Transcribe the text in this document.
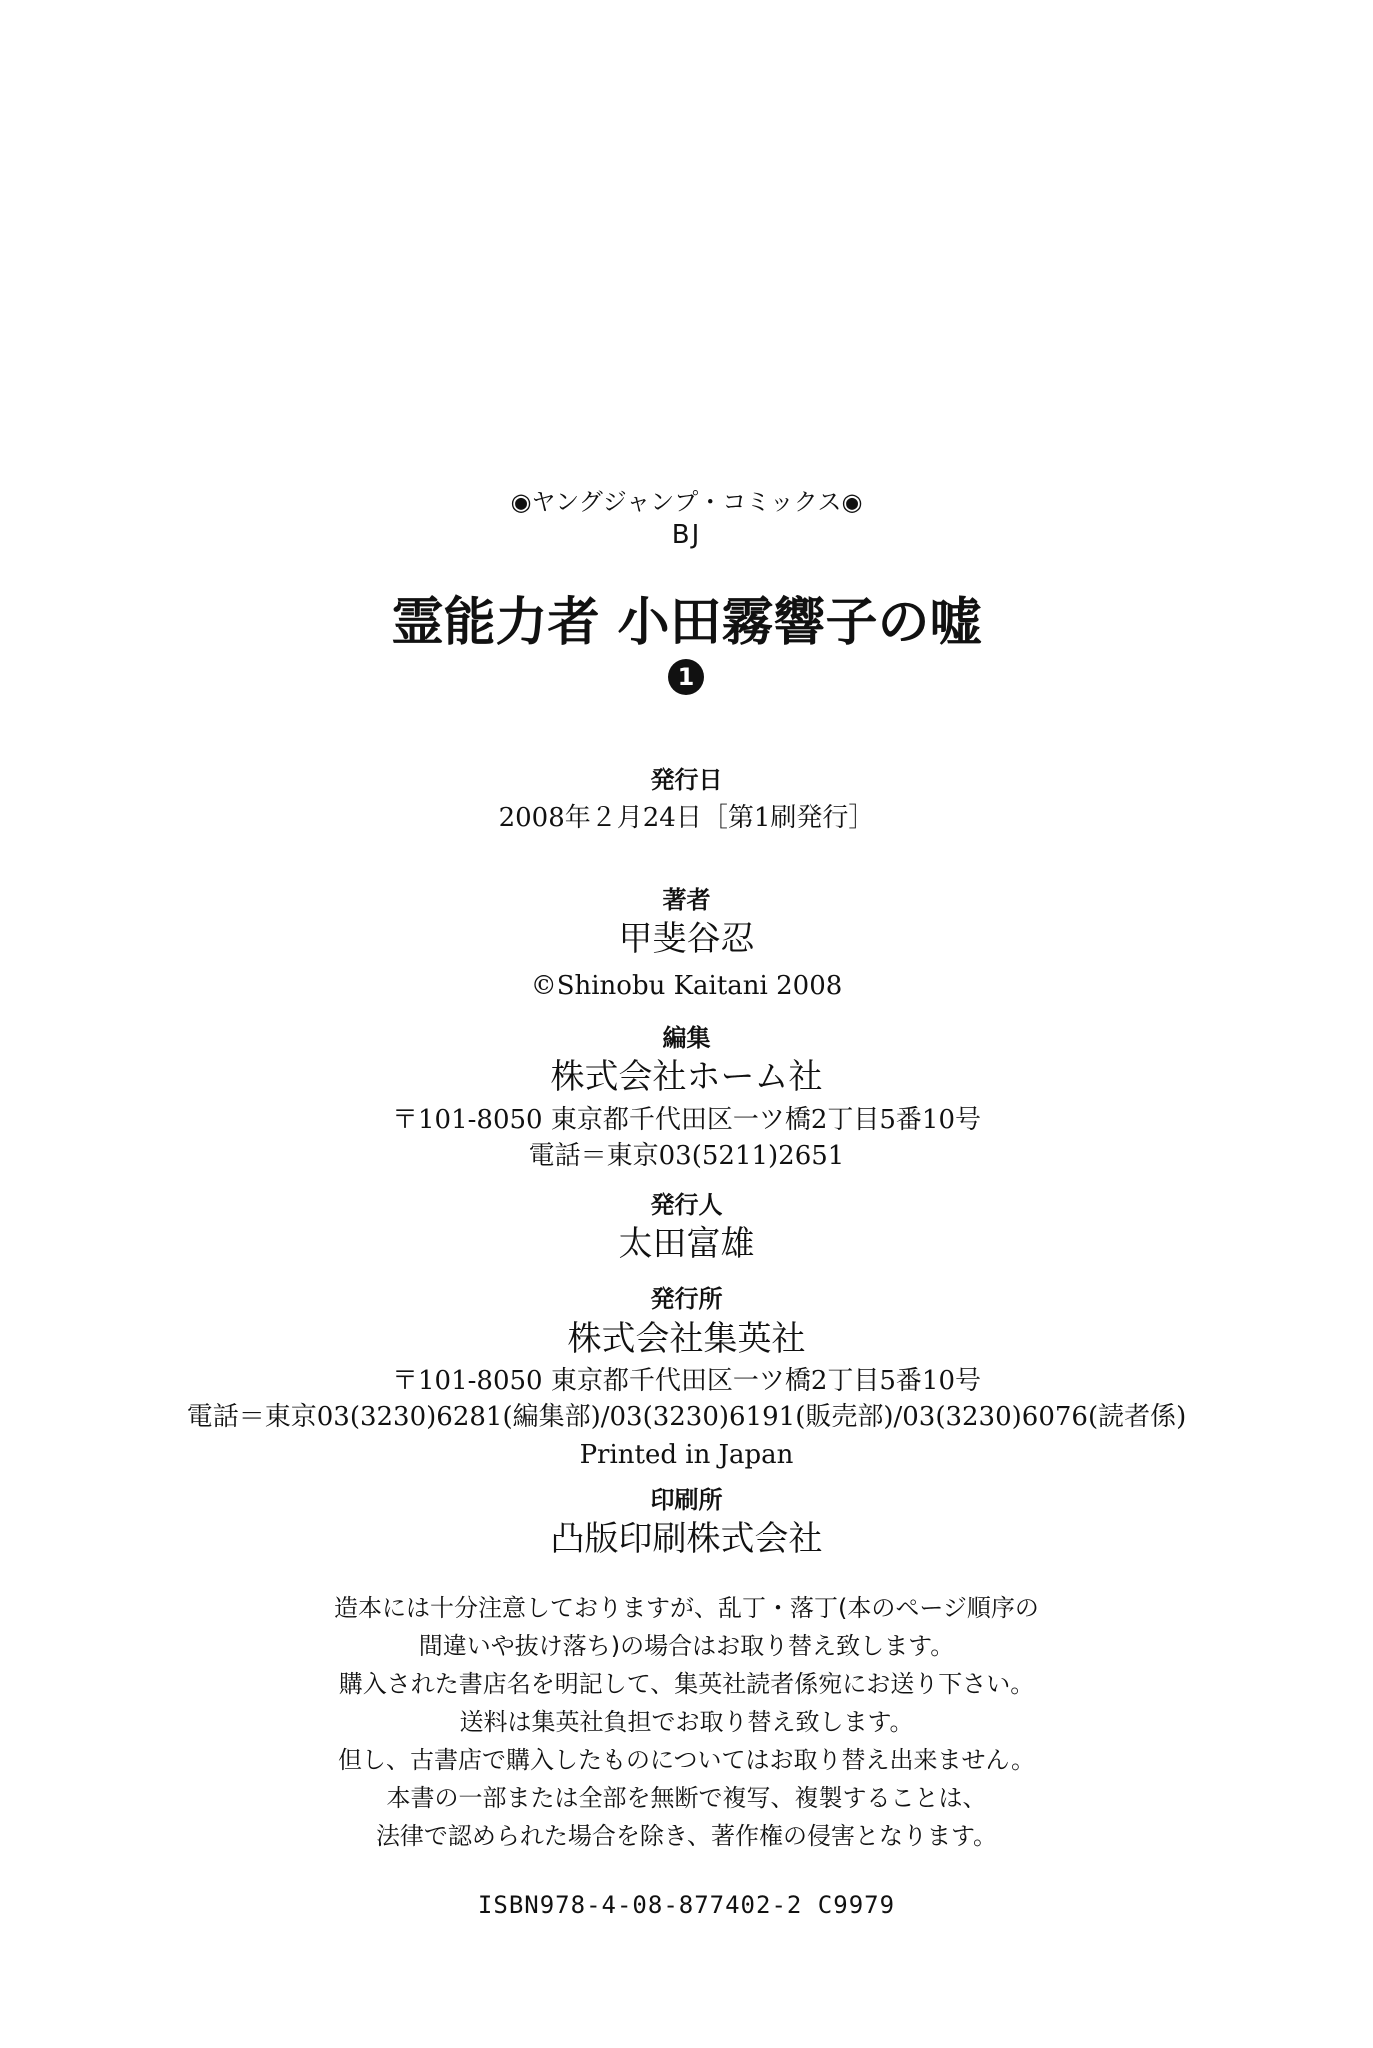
◉ヤングジャンプ・コミックス◉
BJ
霊能力者 小田霧響子の嘘
1
発行日
2008年２月24日［第1刷発行］
著者
甲斐谷忍
©Shinobu Kaitani 2008
編集
株式会社ホーム社
〒101-8050 東京都千代田区一ツ橋2丁目5番10号
電話＝東京03(5211)2651
発行人
太田富雄
発行所
株式会社集英社
〒101-8050 東京都千代田区一ツ橋2丁目5番10号
電話＝東京03(3230)6281(編集部)/03(3230)6191(販売部)/03(3230)6076(読者係)
Printed in Japan
印刷所
凸版印刷株式会社
造本には十分注意しておりますが、乱丁・落丁(本のページ順序の
間違いや抜け落ち)の場合はお取り替え致します。
購入された書店名を明記して、集英社読者係宛にお送り下さい。
送料は集英社負担でお取り替え致します。
但し、古書店で購入したものについてはお取り替え出来ません。
本書の一部または全部を無断で複写、複製することは、
法律で認められた場合を除き、著作権の侵害となります。
ISBN978-4-08-877402-2 C9979
